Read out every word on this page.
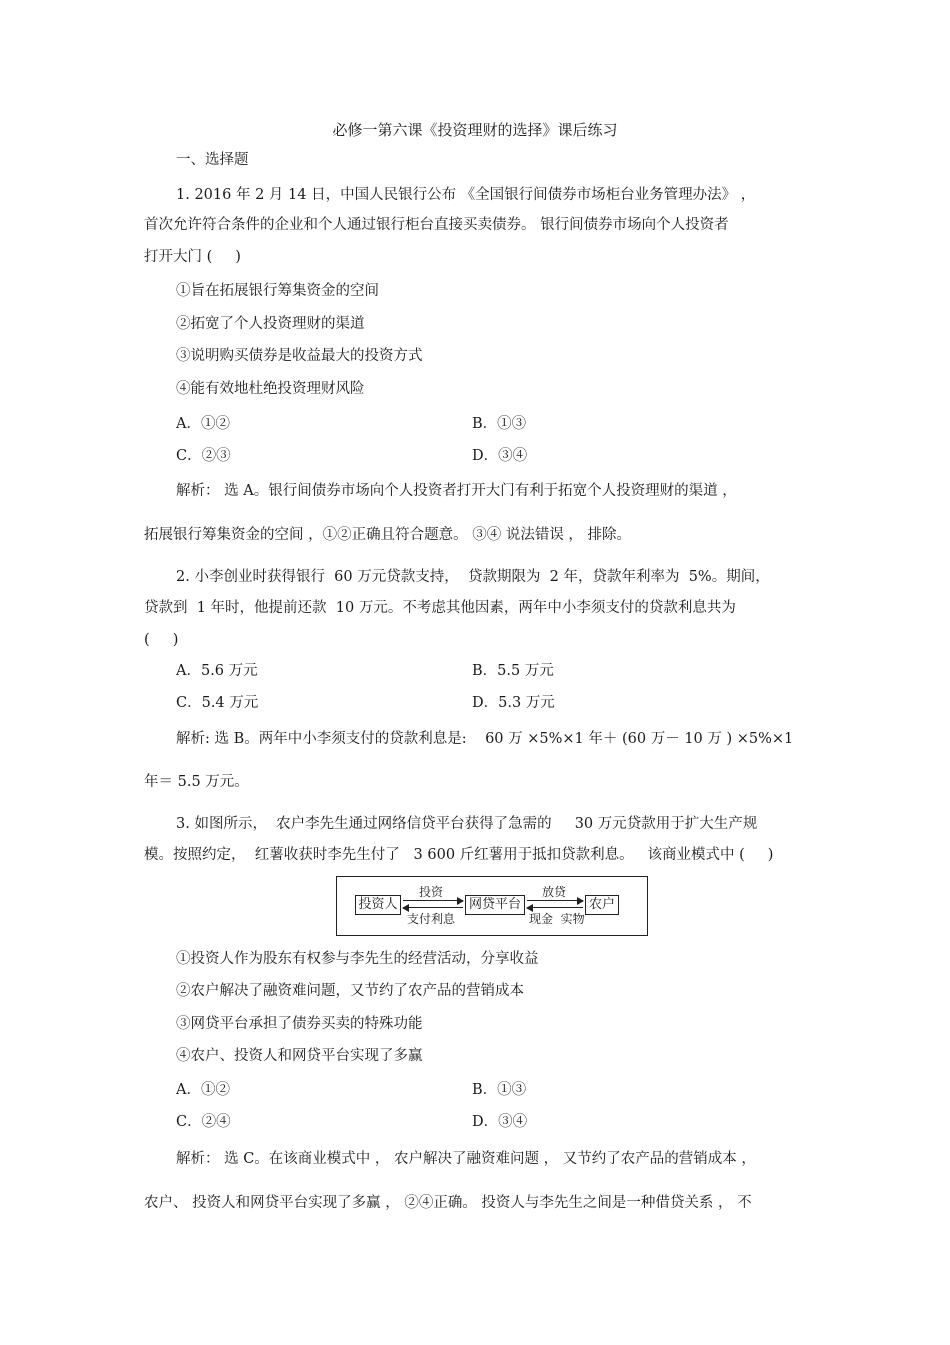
必修一第六课《投资理财的选择》课后练习
一、选择题
1. 2016 年 2 月 14 日，中国人民银行公布 《全国银行间债券市场柜台业务管理办法》 ，
首次允许符合条件的企业和个人通过银行柜台直接买卖债券。 银行间债券市场向个人投资者
打开大门 (     )
①旨在拓展银行筹集资金的空间
②拓宽了个人投资理财的渠道
③说明购买债券是收益最大的投资方式
④能有效地杜绝投资理财风险
A．①②	B．①③
C．②③	D．③④
解析： 选 A。银行间债券市场向个人投资者打开大门有利于拓宽个人投资理财的渠道 ，
拓展银行筹集资金的空间 ，①②正确且符合题意。 ③④ 说法错误 ， 排除。
2. 小李创业时获得银行  60 万元贷款支持，  贷款期限为  2 年，贷款年利率为  5%。期间，
贷款到  1 年时，他提前还款  10 万元。不考虑其他因素，两年中小李须支付的贷款利息共为
(     )
A．5.6 万元	B．5.5 万元
C．5.4 万元	D．5.3 万元
解析: 选 B。两年中小李须支付的贷款利息是:    60 万 ×5%×1 年＋ (60 万－ 10 万 ) ×5%×1
年＝ 5.5 万元。
3. 如图所示，  农户李先生通过网络信贷平台获得了急需的     30 万元贷款用于扩大生产规
模。按照约定，  红薯收获时李先生付了   3 600 斤红薯用于抵扣贷款利息。   该商业模式中 (     )
投资人
投资
支付利息
网贷平台
放贷
现金  实物
农户
①投资人作为股东有权参与李先生的经营活动，分享收益
②农户解决了融资难问题，又节约了农产品的营销成本
③网贷平台承担了债券买卖的特殊功能
④农户、投资人和网贷平台实现了多赢
A．①②	B．①③
C．②④	D．③④
解析： 选 C。在该商业模式中 ， 农户解决了融资难问题 ， 又节约了农产品的营销成本 ，
农户、 投资人和网贷平台实现了多赢 ， ②④正确。 投资人与李先生之间是一种借贷关系 ， 不
